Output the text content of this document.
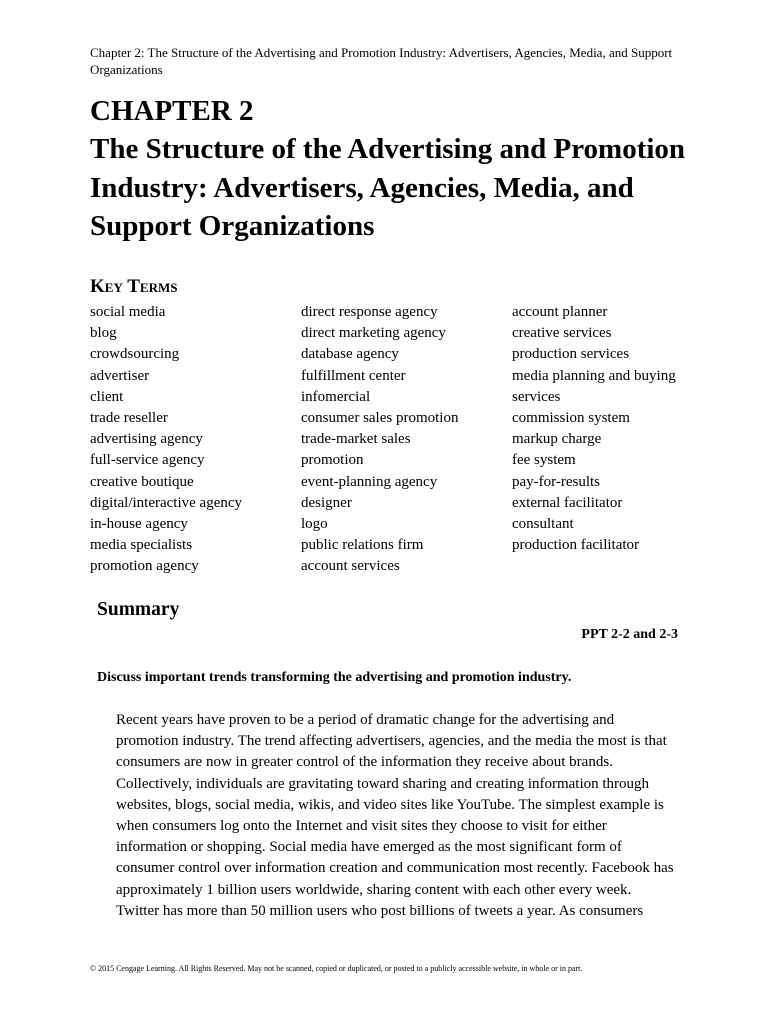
Chapter 2: The Structure of the Advertising and Promotion Industry: Advertisers, Agencies, Media, and Support Organizations
CHAPTER 2
The Structure of the Advertising and Promotion
Industry: Advertisers, Agencies, Media, and
Support Organizations
Key Terms
social media
blog
crowdsourcing
advertiser
client
trade reseller
advertising agency
full-service agency
creative boutique
digital/interactive agency
in-house agency
media specialists
promotion agency
direct response agency
direct marketing agency
database agency
fulfillment center
infomercial
consumer sales promotion
trade-market sales
promotion
event-planning agency
designer
logo
public relations firm
account services
account planner
creative services
production services
media planning and buying
services
commission system
markup charge
fee system
pay-for-results
external facilitator
consultant
production facilitator
Summary
PPT 2-2 and 2-3
Discuss important trends transforming the advertising and promotion industry.
Recent years have proven to be a period of dramatic change for the advertising and
promotion industry. The trend affecting advertisers, agencies, and the media the most is that
consumers are now in greater control of the information they receive about brands.
Collectively, individuals are gravitating toward sharing and creating information through
websites, blogs, social media, wikis, and video sites like YouTube. The simplest example is
when consumers log onto the Internet and visit sites they choose to visit for either
information or shopping. Social media have emerged as the most significant form of
consumer control over information creation and communication most recently. Facebook has
approximately 1 billion users worldwide, sharing content with each other every week.
Twitter has more than 50 million users who post billions of tweets a year. As consumers
© 2015 Cengage Learning. All Rights Reserved. May not be scanned, copied or duplicated, or posted to a publicly accessible website, in whole or in part.
